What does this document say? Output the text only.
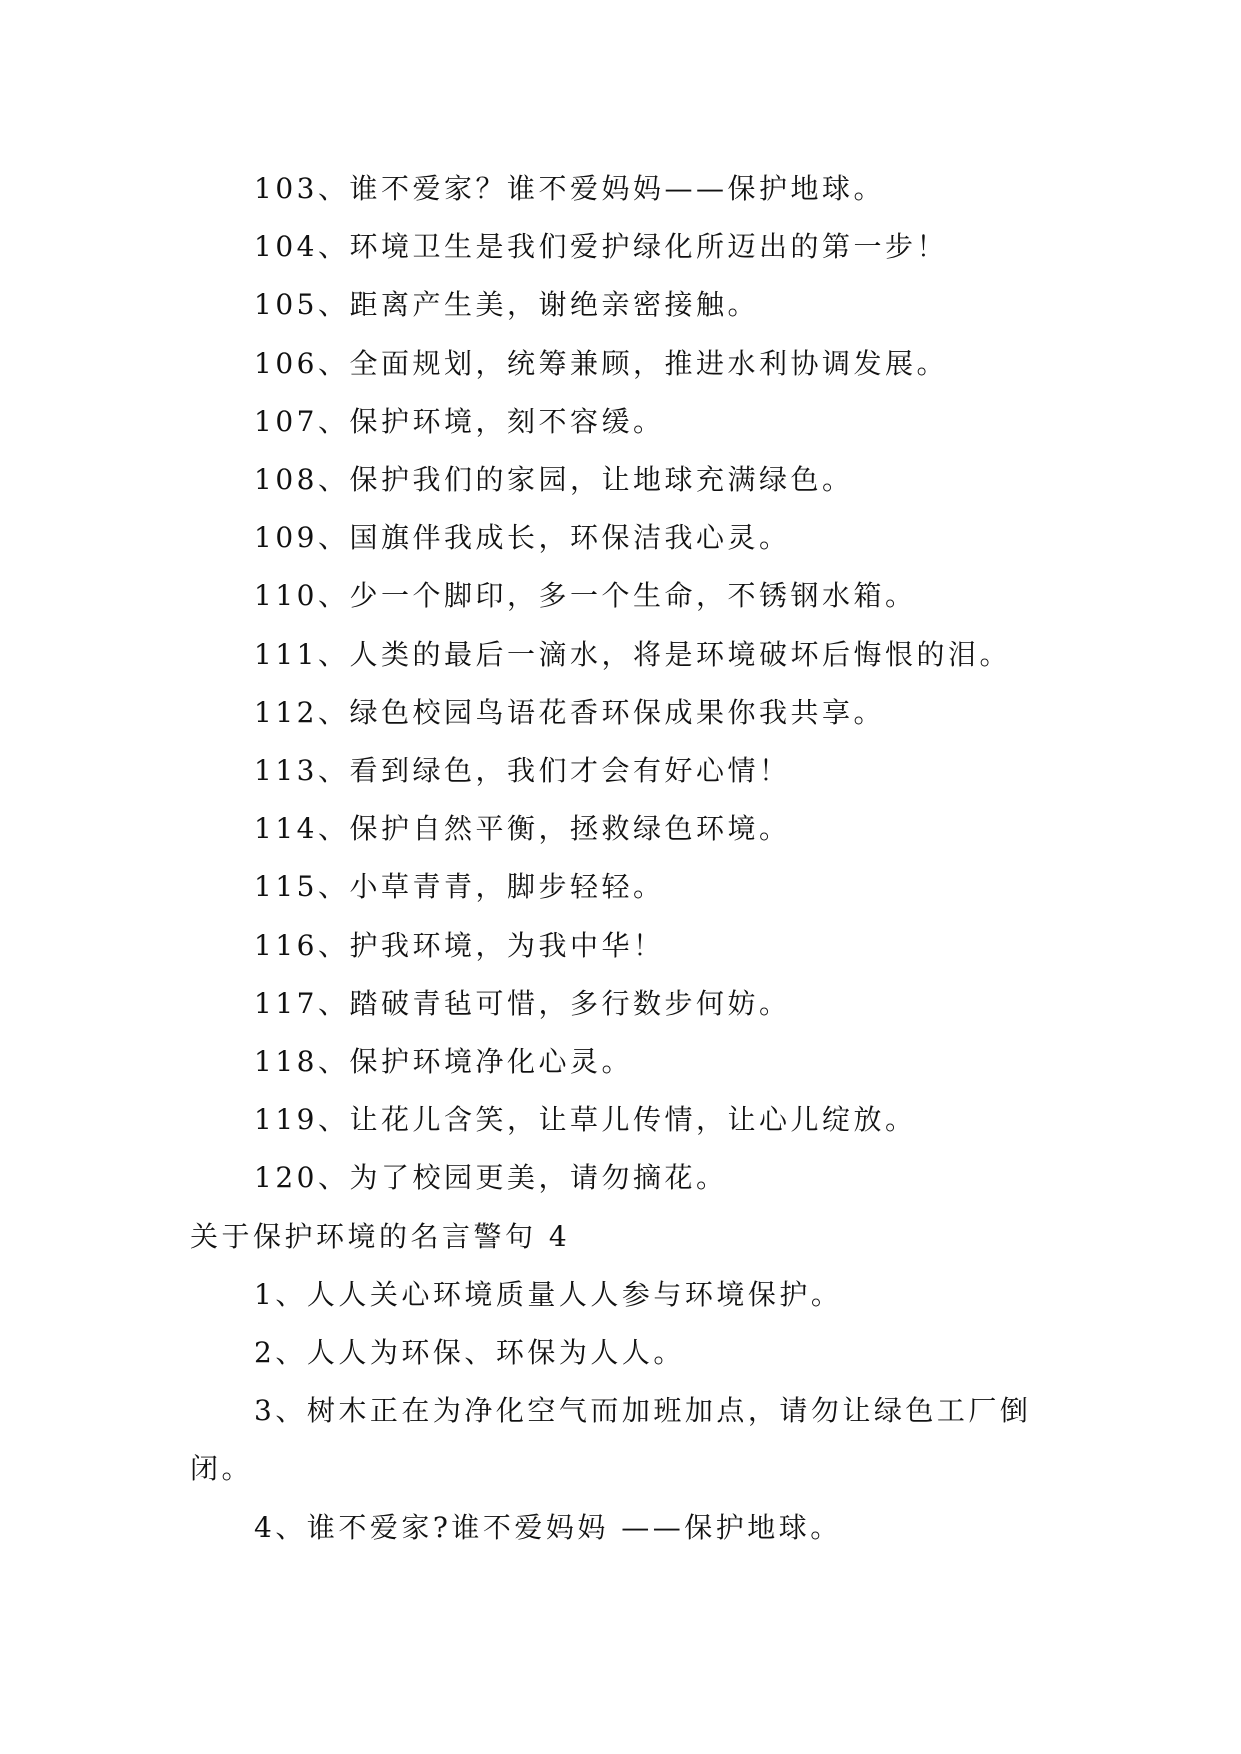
103、谁不爱家？谁不爱妈妈——保护地球。

104、环境卫生是我们爱护绿化所迈出的第一步！

105、距离产生美，谢绝亲密接触。

106、全面规划，统筹兼顾，推进水利协调发展。

107、保护环境，刻不容缓。

108、保护我们的家园，让地球充满绿色。

109、国旗伴我成长，环保洁我心灵。

110、少一个脚印，多一个生命，不锈钢水箱。

111、人类的最后一滴水，将是环境破坏后悔恨的泪。

112、绿色校园鸟语花香环保成果你我共享。

113、看到绿色，我们才会有好心情！

114、保护自然平衡，拯救绿色环境。

115、小草青青，脚步轻轻。

116、护我环境，为我中华！

117、踏破青毡可惜，多行数步何妨。

118、保护环境净化心灵。

119、让花儿含笑，让草儿传情，让心儿绽放。

120、为了校园更美，请勿摘花。

关于保护环境的名言警句 4

1、人人关心环境质量人人参与环境保护。

2、人人为环保、环保为人人。

3、树木正在为净化空气而加班加点，请勿让绿色工厂倒闭。

4、谁不爱家?谁不爱妈妈 ——保护地球。
